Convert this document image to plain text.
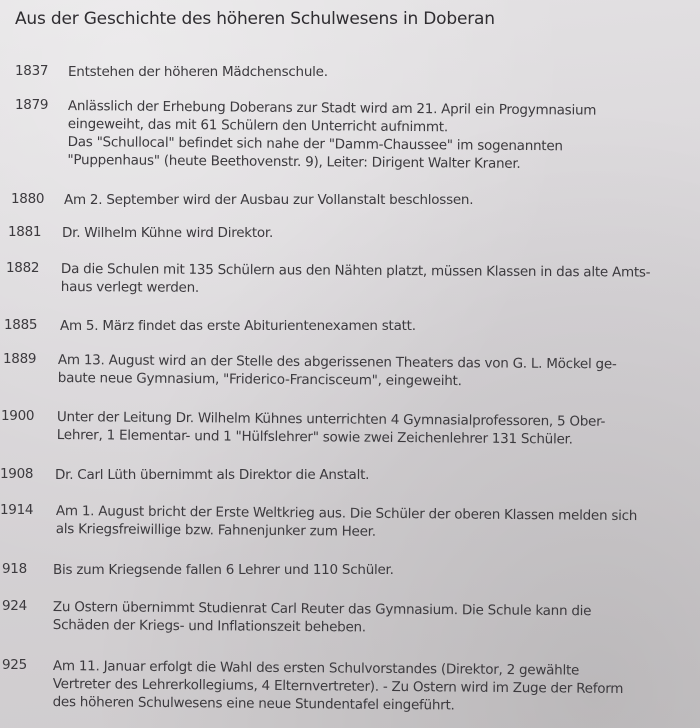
Aus der Geschichte des höheren Schulwesens in Doberan
1837 Entstehen der höheren Mädchenschule.
1879 Anlässlich der Erhebung Doberans zur Stadt wird am 21. April ein Progymnasium
eingeweiht, das mit 61 Schülern den Unterricht aufnimmt.
Das "Schullocal" befindet sich nahe der "Damm-Chaussee" im sogenannten
"Puppenhaus" (heute Beethovenstr. 9), Leiter: Dirigent Walter Kraner.
1880 Am 2. September wird der Ausbau zur Vollanstalt beschlossen.
1881 Dr. Wilhelm Kühne wird Direktor.
1882 Da die Schulen mit 135 Schülern aus den Nähten platzt, müssen Klassen in das alte Amts-
haus verlegt werden.
1885 Am 5. März findet das erste Abiturientenexamen statt.
1889 Am 13. August wird an der Stelle des abgerissenen Theaters das von G. L. Möckel ge-
baute neue Gymnasium, "Friderico-Francisceum", eingeweiht.
1900 Unter der Leitung Dr. Wilhelm Kühnes unterrichten 4 Gymnasialprofessoren, 5 Ober-
Lehrer, 1 Elementar- und 1 "Hülfslehrer" sowie zwei Zeichenlehrer 131 Schüler.
1908 Dr. Carl Lüth übernimmt als Direktor die Anstalt.
1914 Am 1. August bricht der Erste Weltkrieg aus. Die Schüler der oberen Klassen melden sich
als Kriegsfreiwillige bzw. Fahnenjunker zum Heer.
918 Bis zum Kriegsende fallen 6 Lehrer und 110 Schüler.
924 Zu Ostern übernimmt Studienrat Carl Reuter das Gymnasium. Die Schule kann die
Schäden der Kriegs- und Inflationszeit beheben.
925 Am 11. Januar erfolgt die Wahl des ersten Schulvorstandes (Direktor, 2 gewählte
Vertreter des Lehrerkollegiums, 4 Elternvertreter). - Zu Ostern wird im Zuge der Reform
des höheren Schulwesens eine neue Stundentafel eingeführt.
